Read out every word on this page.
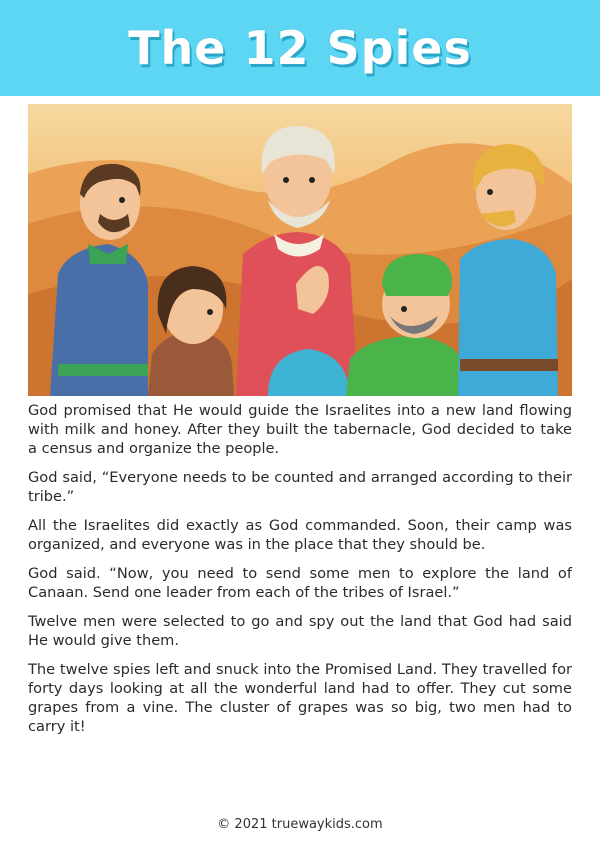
The 12 Spies

God promised that He would guide the Israelites into a new land flowing with milk and honey. After they built the tabernacle, God decided to take a census and organize the people.

God said, “Everyone needs to be counted and arranged according to their tribe.”

All the Israelites did exactly as God commanded. Soon, their camp was organized, and everyone was in the place that they should be.

God said. “Now, you need to send some men to explore the land of Canaan. Send one leader from each of the tribes of Israel.”

Twelve men were selected to go and spy out the land that God had said He would give them.

The twelve spies left and snuck into the Promised Land. They travelled for forty days looking at all the wonderful land had to offer. They cut some grapes from a vine. The cluster of grapes was so big, two men had to carry it!

© 2021 truewaykids.com
